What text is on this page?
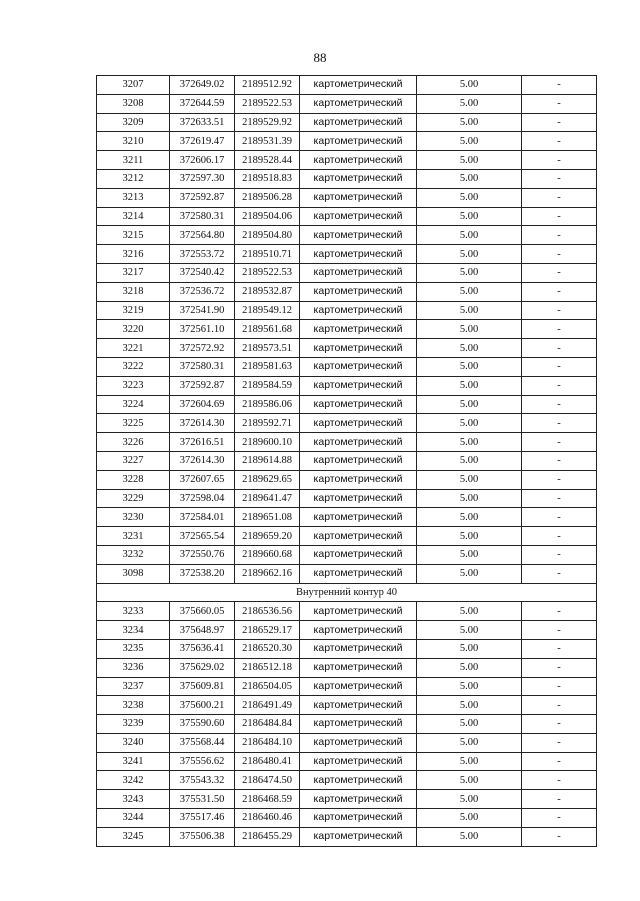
88
3207	372649.02	2189512.92	картометрический	5.00	-
3208	372644.59	2189522.53	картометрический	5.00	-
3209	372633.51	2189529.92	картометрический	5.00	-
3210	372619.47	2189531.39	картометрический	5.00	-
3211	372606.17	2189528.44	картометрический	5.00	-
3212	372597.30	2189518.83	картометрический	5.00	-
3213	372592.87	2189506.28	картометрический	5.00	-
3214	372580.31	2189504.06	картометрический	5.00	-
3215	372564.80	2189504.80	картометрический	5.00	-
3216	372553.72	2189510.71	картометрический	5.00	-
3217	372540.42	2189522.53	картометрический	5.00	-
3218	372536.72	2189532.87	картометрический	5.00	-
3219	372541.90	2189549.12	картометрический	5.00	-
3220	372561.10	2189561.68	картометрический	5.00	-
3221	372572.92	2189573.51	картометрический	5.00	-
3222	372580.31	2189581.63	картометрический	5.00	-
3223	372592.87	2189584.59	картометрический	5.00	-
3224	372604.69	2189586.06	картометрический	5.00	-
3225	372614.30	2189592.71	картометрический	5.00	-
3226	372616.51	2189600.10	картометрический	5.00	-
3227	372614.30	2189614.88	картометрический	5.00	-
3228	372607.65	2189629.65	картометрический	5.00	-
3229	372598.04	2189641.47	картометрический	5.00	-
3230	372584.01	2189651.08	картометрический	5.00	-
3231	372565.54	2189659.20	картометрический	5.00	-
3232	372550.76	2189660.68	картометрический	5.00	-
3098	372538.20	2189662.16	картометрический	5.00	-
Внутренний контур 40					
3233	375660.05	2186536.56	картометрический	5.00	-
3234	375648.97	2186529.17	картометрический	5.00	-
3235	375636.41	2186520.30	картометрический	5.00	-
3236	375629.02	2186512.18	картометрический	5.00	-
3237	375609.81	2186504.05	картометрический	5.00	-
3238	375600.21	2186491.49	картометрический	5.00	-
3239	375590.60	2186484.84	картометрический	5.00	-
3240	375568.44	2186484.10	картометрический	5.00	-
3241	375556.62	2186480.41	картометрический	5.00	-
3242	375543.32	2186474.50	картометрический	5.00	-
3243	375531.50	2186468.59	картометрический	5.00	-
3244	375517.46	2186460.46	картометрический	5.00	-
3245	375506.38	2186455.29	картометрический	5.00	-
